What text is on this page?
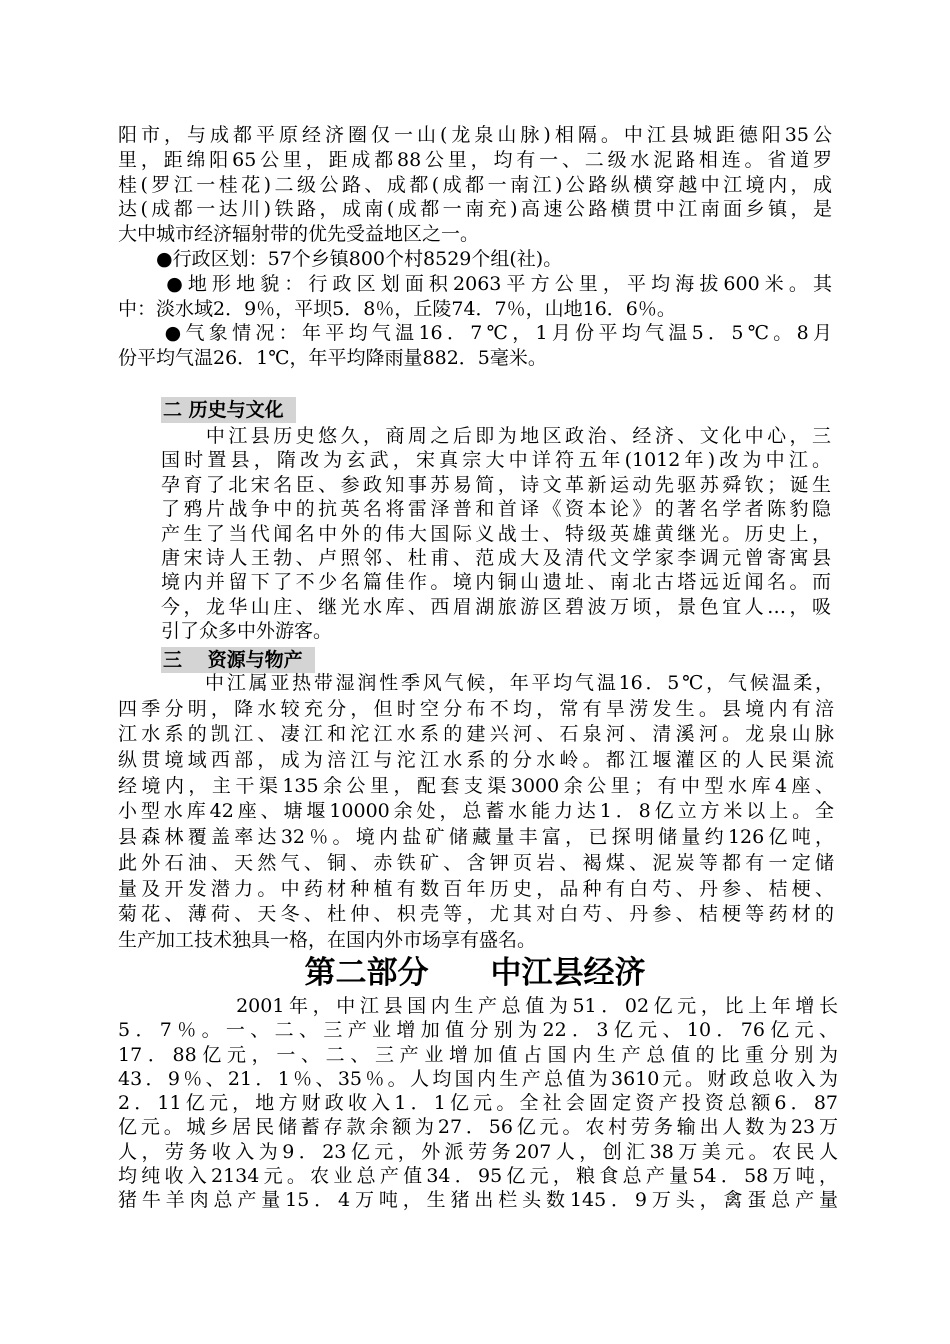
阳市，与成都平原经济圈仅一山(龙泉山脉)相隔。中江县城距德阳35公
里，距绵阳65公里，距成都88公里，均有一、二级水泥路相连。省道罗
桂(罗江一桂花)二级公路、成都(成都一南江)公路纵横穿越中江境内，成
达(成都一达川)铁路，成南(成都一南充)高速公路横贯中江南面乡镇，是
大中城市经济辐射带的优先受益地区之一。
　　●行政区划：57个乡镇800个村8529个组(社)。
　　●地形地貌：行政区划面积2063平方公里，平均海拔600米。其
中：淡水域2．9％，平坝5．8％，丘陵74．7％，山地16．6％。
　　●气象情况：年平均气温16．7℃，1月份平均气温5．5℃。8月
份平均气温26．1℃，年平均降雨量882．5毫米。
二 历史与文化
　　中江县历史悠久，商周之后即为地区政治、经济、文化中心，三
国时置县，隋改为玄武，宋真宗大中详符五年(1012年)改为中江。
孕育了北宋名臣、参政知事苏易简，诗文革新运动先驱苏舜钦；诞生
了鸦片战争中的抗英名将雷泽普和首译《资本论》的著名学者陈豹隐
产生了当代闻名中外的伟大国际义战士、特级英雄黄继光。历史上，
唐宋诗人王勃、卢照邻、杜甫、范成大及清代文学家李调元曾寄寓县
境内并留下了不少名篇佳作。境内铜山遗址、南北古塔远近闻名。而
今，龙华山庄、继光水库、西眉湖旅游区碧波万顷，景色宜人…，吸
引了众多中外游客。
三　 资源与物产
　　　　中江属亚热带湿润性季风气候，年平均气温16．5℃，气候温柔，
四季分明，降水较充分，但时空分布不均，常有旱涝发生。县境内有涪
江水系的凯江、凄江和沱江水系的建兴河、石泉河、清溪河。龙泉山脉
纵贯境域西部，成为涪江与沱江水系的分水岭。都江堰灌区的人民渠流
经境内，主干渠135余公里，配套支渠3000余公里；有中型水库4座、
小型水库42座、塘堰10000余处，总蓄水能力达1．8亿立方米以上。全
县森林覆盖率达32％。境内盐矿储藏量丰富，已探明储量约126亿吨，
此外石油、天然气、铜、赤铁矿、含钾页岩、褐煤、泥炭等都有一定储
量及开发潜力。中药材种植有数百年历史，品种有白芍、丹参、桔梗、
菊花、薄荷、天冬、杜仲、枳壳等，尤其对白芍、丹参、桔梗等药材的
生产加工技术独具一格，在国内外市场享有盛名。
第二部分　　中江县经济
　　　　　2001年，中江县国内生产总值为51．02亿元，比上年增长
5．7％。一、二、三产业增加值分别为22．3亿元、10．76亿元、
17．88亿元，一、二、三产业增加值占国内生产总值的比重分别为
43．9％、21．1％、35％。人均国内生产总值为3610元。财政总收入为
2．11亿元，地方财政收入1．1亿元。全社会固定资产投资总额6．87
亿元。城乡居民储蓄存款余额为27．56亿元。农村劳务输出人数为23万
人，劳务收入为9．23亿元，外派劳务207人，创汇38万美元。农民人
均纯收入2134元。农业总产值34．95亿元，粮食总产量54．58万吨，
猪牛羊肉总产量15．4万吨，生猪出栏头数145．9万头，禽蛋总产量
